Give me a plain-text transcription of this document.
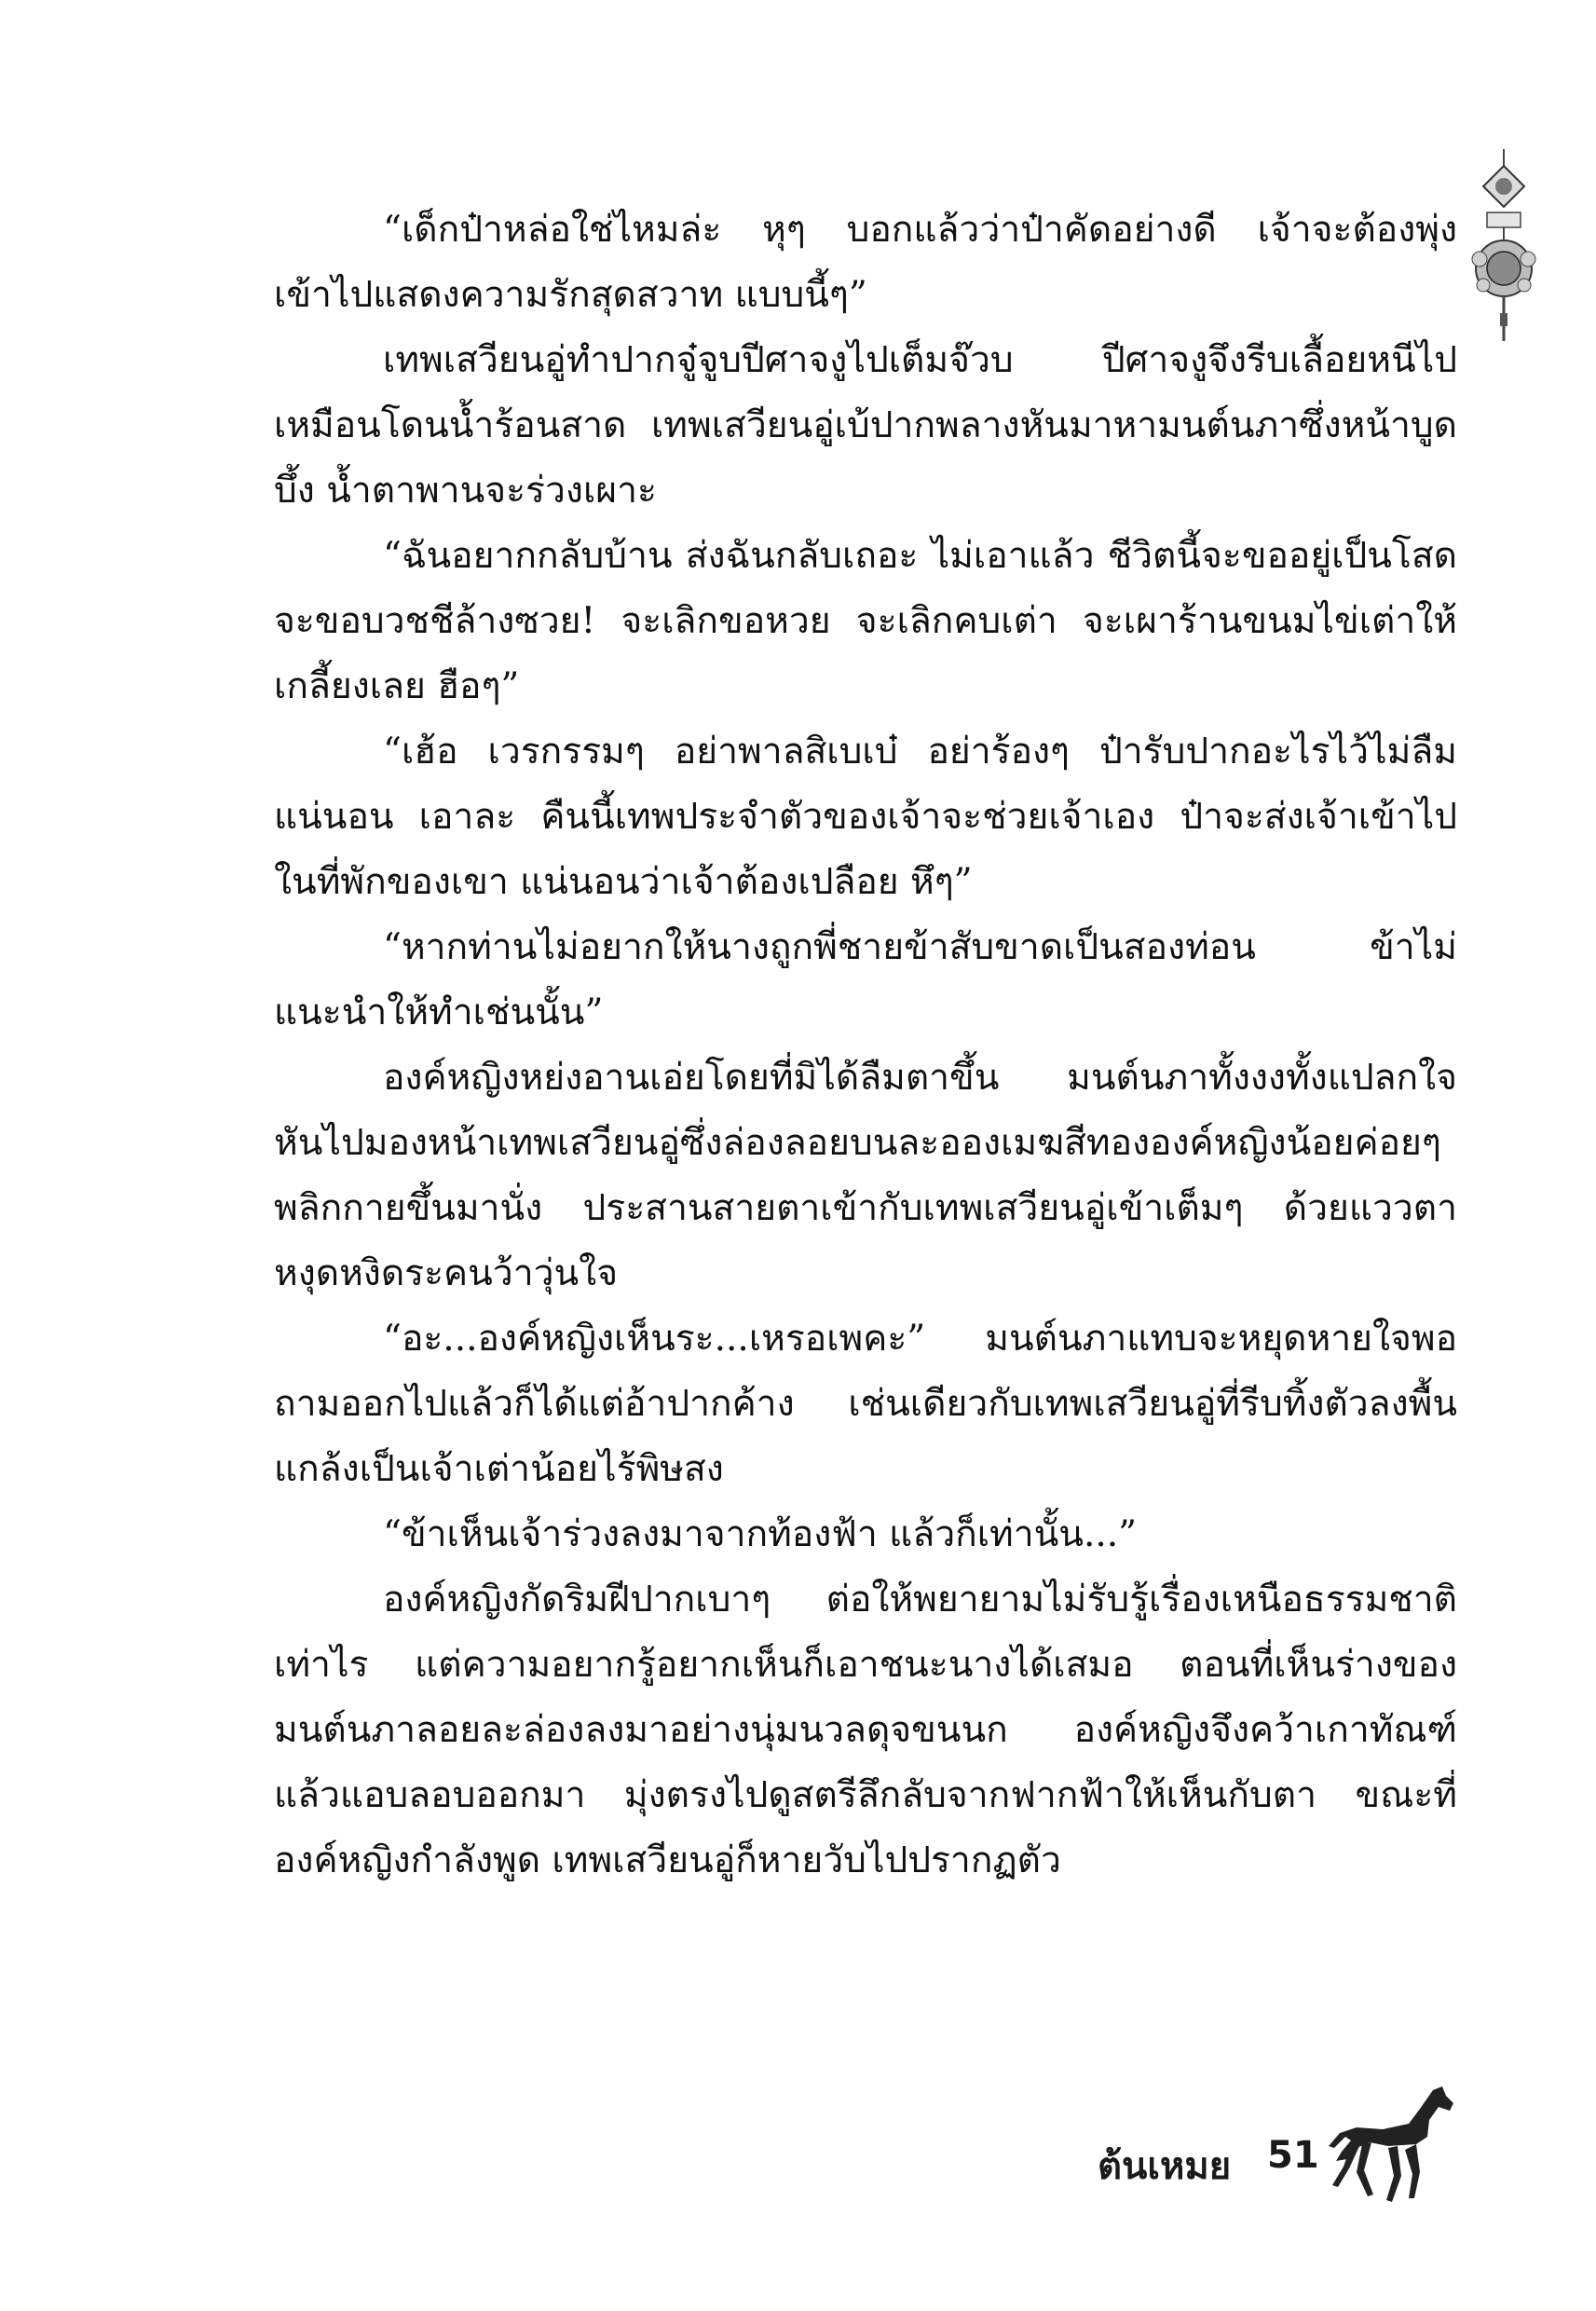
“เด็กป๋าหล่อใช่ไหมล่ะ หุๆ บอกแล้วว่าป๋าคัดอย่างดี เจ้าจะต้องพุ่งเข้าไปแสดงความรักสุดสวาท แบบนี้ๆ”

เทพเสวียนอู่ทำปากจู๋จูบปีศาจงูไปเต็มจ๊วบ ปีศาจงูจึงรีบเลื้อยหนีไปเหมือนโดนน้ำร้อนสาด เทพเสวียนอู่เบ้ปากพลางหันมาหามนต์นภาซึ่งหน้าบูดบึ้ง น้ำตาพานจะร่วงเผาะ

“ฉันอยากกลับบ้าน ส่งฉันกลับเถอะ ไม่เอาแล้ว ชีวิตนี้จะขออยู่เป็นโสด จะขอบวชชีล้างซวย! จะเลิกขอหวย จะเลิกคบเต่า จะเผาร้านขนมไข่เต่าให้เกลี้ยงเลย ฮือๆ”

“เฮ้อ เวรกรรมๆ อย่าพาลสิเบเบ๋ อย่าร้องๆ ป๋ารับปากอะไรไว้ไม่ลืมแน่นอน เอาละ คืนนี้เทพประจำตัวของเจ้าจะช่วยเจ้าเอง ป๋าจะส่งเจ้าเข้าไปในที่พักของเขา แน่นอนว่าเจ้าต้องเปลือย หึๆ”

“หากท่านไม่อยากให้นางถูกพี่ชายข้าสับขาดเป็นสองท่อน ข้าไม่แนะนำให้ทำเช่นนั้น”

องค์หญิงหย่งอานเอ่ยโดยที่มิได้ลืมตาขึ้น มนต์นภาทั้งงงทั้งแปลกใจ หันไปมองหน้าเทพเสวียนอู่ซึ่งล่องลอยบนละอองเมฆสีทององค์หญิงน้อยค่อยๆ พลิกกายขึ้นมานั่ง ประสานสายตาเข้ากับเทพเสวียนอู่เข้าเต็มๆ ด้วยแววตาหงุดหงิดระคนว้าวุ่นใจ

“อะ...องค์หญิงเห็นระ...เหรอเพคะ” มนต์นภาแทบจะหยุดหายใจพอถามออกไปแล้วก็ได้แต่อ้าปากค้าง เช่นเดียวกับเทพเสวียนอู่ที่รีบทิ้งตัวลงพื้น แกล้งเป็นเจ้าเต่าน้อยไร้พิษสง

“ข้าเห็นเจ้าร่วงลงมาจากท้องฟ้า แล้วก็เท่านั้น...”

องค์หญิงกัดริมฝีปากเบาๆ ต่อให้พยายามไม่รับรู้เรื่องเหนือธรรมชาติเท่าไร แต่ความอยากรู้อยากเห็นก็เอาชนะนางได้เสมอ ตอนที่เห็นร่างของมนต์นภาลอยละล่องลงมาอย่างนุ่มนวลดุจขนนก องค์หญิงจึงคว้าเกาทัณฑ์แล้วแอบลอบออกมา มุ่งตรงไปดูสตรีลึกลับจากฟากฟ้าให้เห็นกับตา ขณะที่องค์หญิงกำลังพูด เทพเสวียนอู่ก็หายวับไปปรากฏตัว

ต้นเหมย 51
